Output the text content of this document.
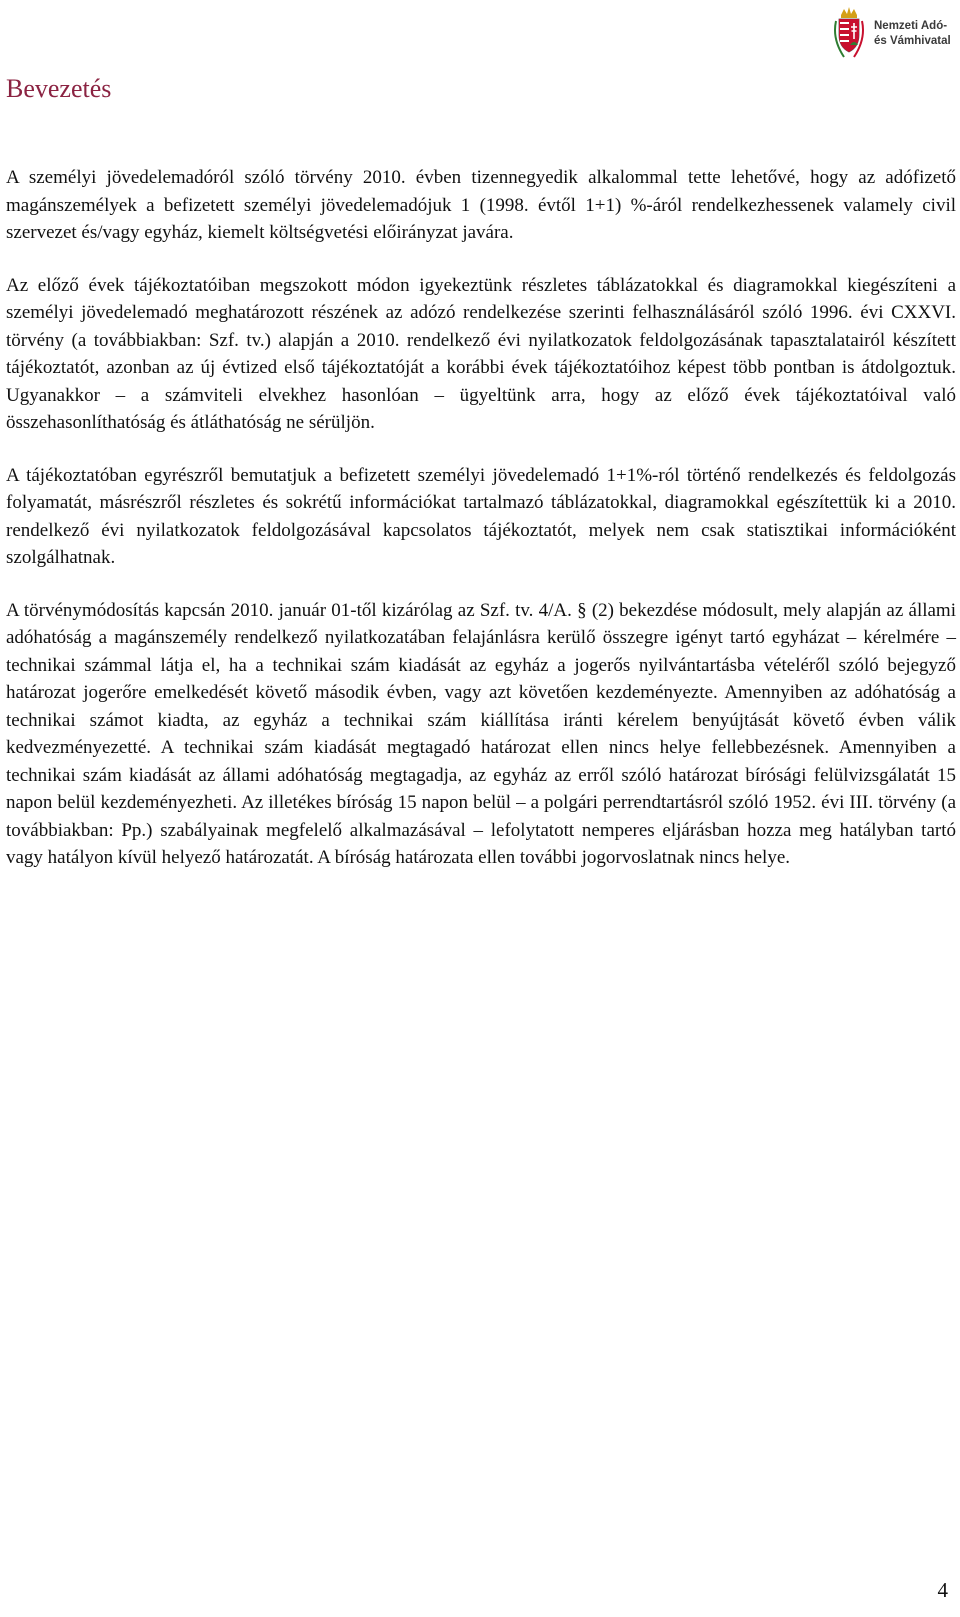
Nemzeti Adó-
és Vámhivatal
Bevezetés

A személyi jövedelemadóról szóló törvény 2010. évben tizennegyedik alkalommal tette lehetővé, hogy az adófizető magánszemélyek a befizetett személyi jövedelemadójuk 1 (1998. évtől 1+1) %-áról rendelkezhessenek valamely civil szervezet és/vagy egyház, kiemelt költségvetési előirányzat javára.

Az előző évek tájékoztatóiban megszokott módon igyekeztünk részletes táblázatokkal és diagramokkal kiegészíteni a személyi jövedelemadó meghatározott részének az adózó rendelkezése szerinti felhasználásáról szóló 1996. évi CXXVI. törvény (a továbbiakban: Szf. tv.) alapján a 2010. rendelkező évi nyilatkozatok feldolgozásának tapasztalatairól készített tájékoztatót, azonban az új évtized első tájékoztatóját a korábbi évek tájékoztatóihoz képest több pontban is átdolgoztuk. Ugyanakkor – a számviteli elvekhez hasonlóan – ügyeltünk arra, hogy az előző évek tájékoztatóival való összehasonlíthatóság és átláthatóság ne sérüljön.

A tájékoztatóban egyrészről bemutatjuk a befizetett személyi jövedelemadó 1+1%-ról történő rendelkezés és feldolgozás folyamatát, másrészről részletes és sokrétű információkat tartalmazó táblázatokkal, diagramokkal egészítettük ki a 2010. rendelkező évi nyilatkozatok feldolgozásával kapcsolatos tájékoztatót, melyek nem csak statisztikai információként szolgálhatnak.

A törvénymódosítás kapcsán 2010. január 01-től kizárólag az Szf. tv. 4/A. § (2) bekezdése módosult, mely alapján az állami adóhatóság a magánszemély rendelkező nyilatkozatában felajánlásra kerülő összegre igényt tartó egyházat – kérelmére – technikai számmal látja el, ha a technikai szám kiadását az egyház a jogerős nyilvántartásba vételéről szóló bejegyző határozat jogerőre emelkedését követő második évben, vagy azt követően kezdeményezte. Amennyiben az adóhatóság a technikai számot kiadta, az egyház a technikai szám kiállítása iránti kérelem benyújtását követő évben válik kedvezményezetté. A technikai szám kiadását megtagadó határozat ellen nincs helye fellebbezésnek. Amennyiben a technikai szám kiadását az állami adóhatóság megtagadja, az egyház az erről szóló határozat bírósági felülvizsgálatát 15 napon belül kezdeményezheti. Az illetékes bíróság 15 napon belül – a polgári perrendtartásról szóló 1952. évi III. törvény (a továbbiakban: Pp.) szabályainak megfelelő alkalmazásával – lefolytatott nemperes eljárásban hozza meg hatályban tartó vagy hatályon kívül helyező határozatát. A bíróság határozata ellen további jogorvoslatnak nincs helye.

4
